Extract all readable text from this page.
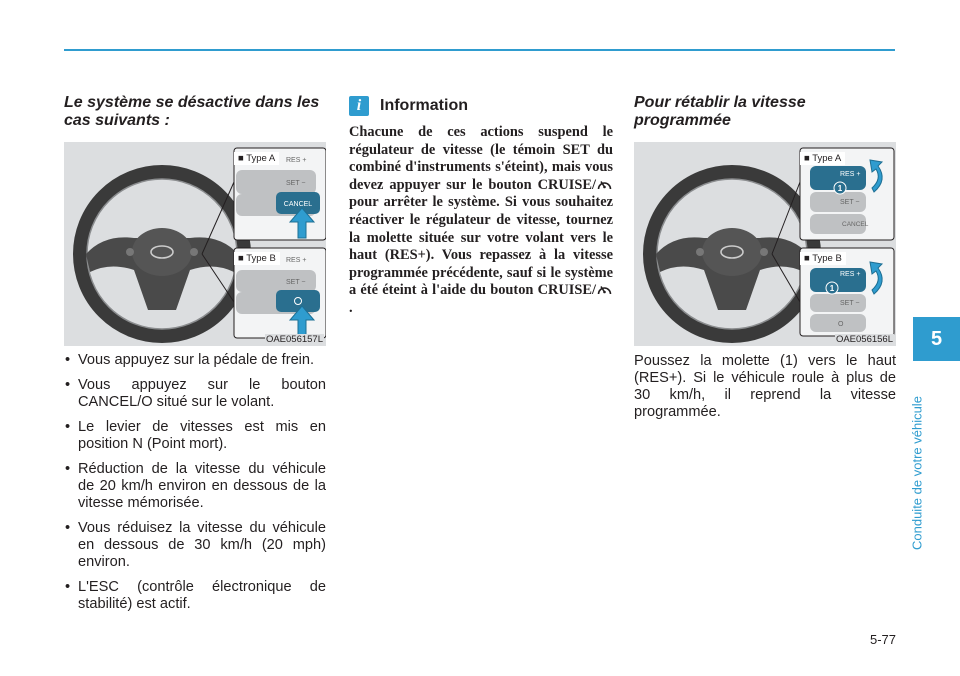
Le système se désactive dans les cas suivants :
CANCEL
RES +
SET −
RES +
SET −
■ Type A
■ Type B
OAE056157L
• Vous appuyez sur la pédale de frein.
• Vous appuyez sur le bouton CANCEL/O situé sur le volant.
• Le levier de vitesses est mis en position N (Point mort).
• Réduction de la vitesse du véhicule de 20 km/h environ en dessous de la vitesse mémorisée.
• Vous réduisez la vitesse du véhicule en dessous de 30 km/h (20 mph) environ.
• L'ESC (contrôle électronique de stabilité) est actif.
i	Information

Chacune de ces actions suspend le régulateur de vitesse (le témoin SET du combiné d'instruments s'éteint), mais vous devez appuyer sur le bouton CRUISE/ pour arrêter le système. Si vous souhaitez réactiver le régulateur de vitesse, tournez la molette située sur votre volant vers le haut (RES+). Vous repassez à la vitesse programmée précédente, sauf si le système a été éteint à l'aide du bouton CRUISE/ .

Pour rétablir la vitesse programmée
RES +
SET −
CANCEL
1
RES +
SET −
O
1
■ Type A
■ Type B
OAE056156L

Poussez la molette (1) vers le haut (RES+). Si le véhicule roule à plus de 30 km/h, il reprend la vitesse programmée.

5
Conduite de votre véhicule
5-77
